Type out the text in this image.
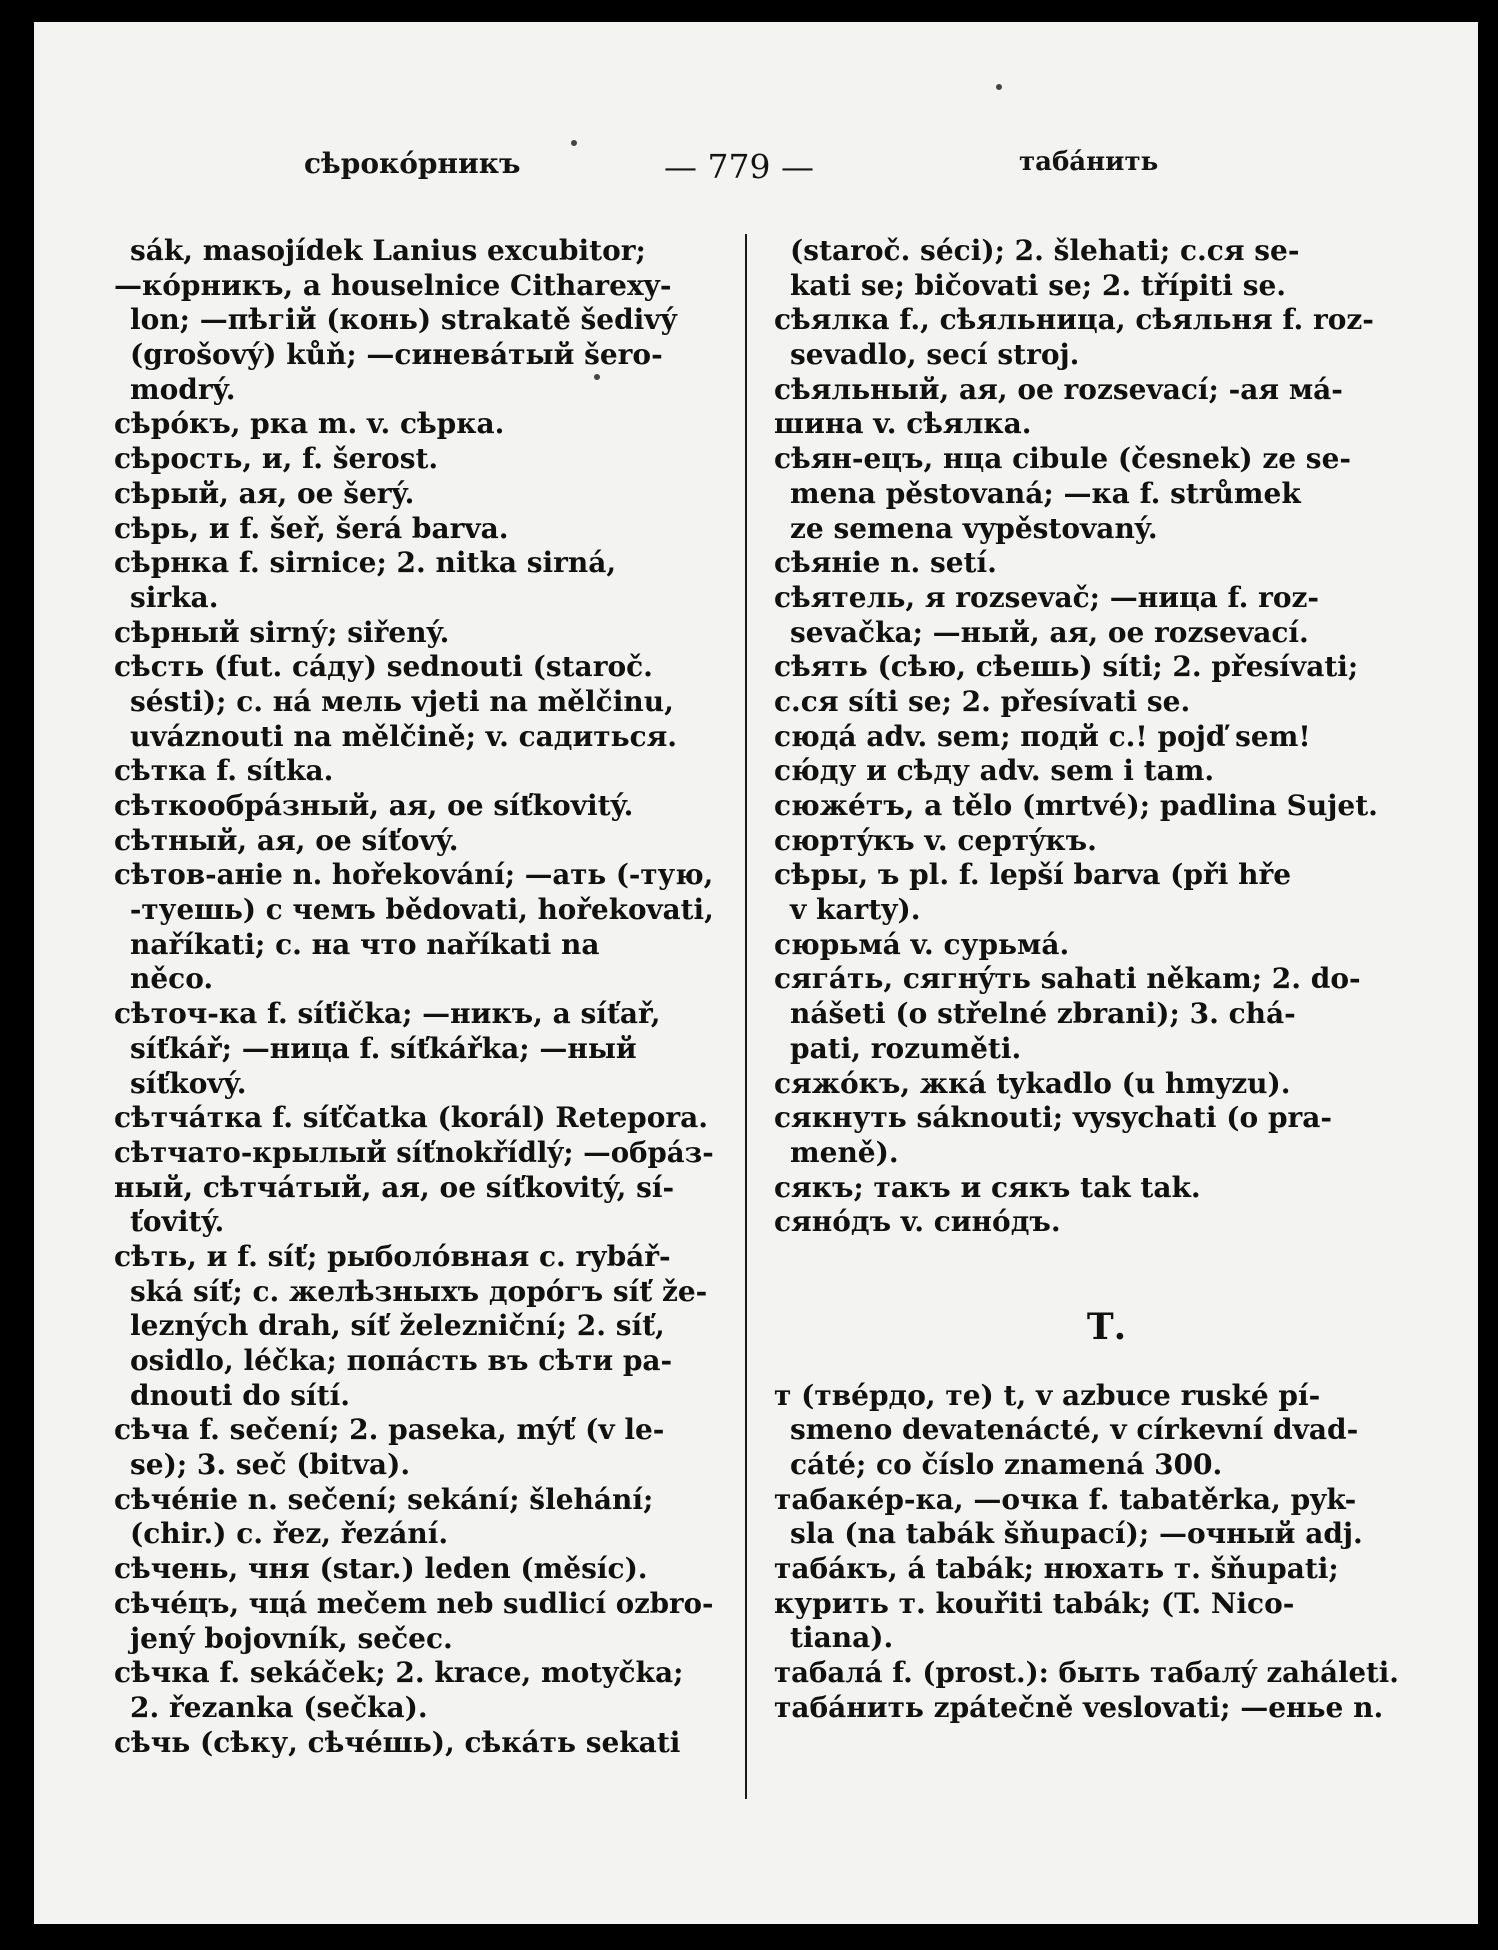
сѣрокóрникъ	— 779 —	табáнить
sák, masojídek Lanius excubitor;
—кóрникъ, a houselnice Citharexy-
lon; —пѣгій (конь) strakatě šedivý
(grošový) kůň; —синевáтый šero-
modrý.
сѣрóкъ, рка m. v. сѣрка.
сѣрость, и, f. šerost.
сѣрый, ая, ое šerý.
сѣрь, и f. šeř, šerá barva.
сѣрнка f. sirnice; 2. nitka sirná,
sirka.
сѣрный sirný; siřený.
сѣсть (fut. сáду) sednouti (staroč.
sésti); с. нá мель vjeti na mělčinu,
uváznouti na mělčině; v. садиться.
сѣтка f. sítka.
сѣткообрáзный, ая, ое síťkovitý.
сѣтный, ая, ое síťový.
сѣтов-аніе n. hořekování; —ать (-тую,
-туешь) с чемъ bědovati, hořekovati,
naříkati; с. на что naříkati na
něco.
сѣточ-ка f. síťička; —никъ, a síťař,
síťkář; —ница f. síťkářka; —ный
síťkový.
сѣтчáтка f. síťčatka (korál) Retepora.
сѣтчато-крылый síťnokřídlý; —обрáз-
ный, сѣтчáтый, ая, ое síťkovitý, sí-
ťovitý.
сѣть, и f. síť; рыболóвная с. rybář-
ská síť; с. желѣзныхъ дорóгъ síť že-
lezných drah, síť železniční; 2. síť,
osidlo, léčka; попáсть въ сѣти pa-
dnouti do sítí.
сѣча f. sečení; 2. paseka, mýť (v le-
se); 3. seč (bitva).
сѣчéніе n. sečení; sekání; šlehání;
(chir.) с. řez, řezání.
сѣчень, чня (star.) leden (měsíc).
сѣчéцъ, чцá mečem neb sudlicí ozbro-
jený bojovník, sečec.
сѣчка f. sekáček; 2. krace, motyčka;
2. řezanka (sečka).
сѣчь (сѣку, сѣчéшь), сѣкáть sekati
(staroč. séci); 2. šlehati; с.ся se-
kati se; bičovati se; 2. třípiti se.
сѣялка f., сѣяльница, сѣяльня f. roz-
sevadlo, secí stroj.
сѣяльный, ая, ое rozsevací; -ая мá-
шина v. сѣялка.
сѣян-ецъ, нца cibule (česnek) ze se-
mena pěstovaná; —ка f. strůmek
ze semena vypěstovaný.
сѣяніе n. setí.
сѣятель, я rozsevač; —ница f. roz-
sevačka; —ный, ая, ое rozsevací.
сѣять (сѣю, сѣешь) síti; 2. přesívati;
с.ся síti se; 2. přesívati se.
сюдá adv. sem; подй с.! pojď sem!
сю́ду и сѣду adv. sem i tam.
сюжéтъ, a tělo (mrtvé); padlina Sujet.
сюртýкъ v. сертýкъ.
сѣры, ъ pl. f. lepší barva (při hře
v karty).
сюрьмá v. сурьмá.
сягáть, сягнýть sahati někam; 2. do-
nášeti (o střelné zbrani); 3. chá-
pati, rozuměti.
сяжóкъ, жкá tykadlo (u hmyzu).
сякнуть sáknouti; vysychati (o pra-
meně).
сякъ; такъ и сякъ tak tak.
сянóдъ v. синóдъ.
Т.
т (твéрдо, те) t, v azbuce ruské pí-
smeno devatenácté, v církevní dvad-
cáté; co číslo znamená 300.
табакéр-ка, —очка f. tabatěrka, pyk-
sla (na tabák šňupací); —очный adj.
табáкъ, á tabák; нюхать т. šňupati;
курить т. kouřiti tabák; (T. Nico-
tiana).
табалá f. (prost.): быть табалý zaháleti.
табáнить zpátečně veslovati; —енье n.
